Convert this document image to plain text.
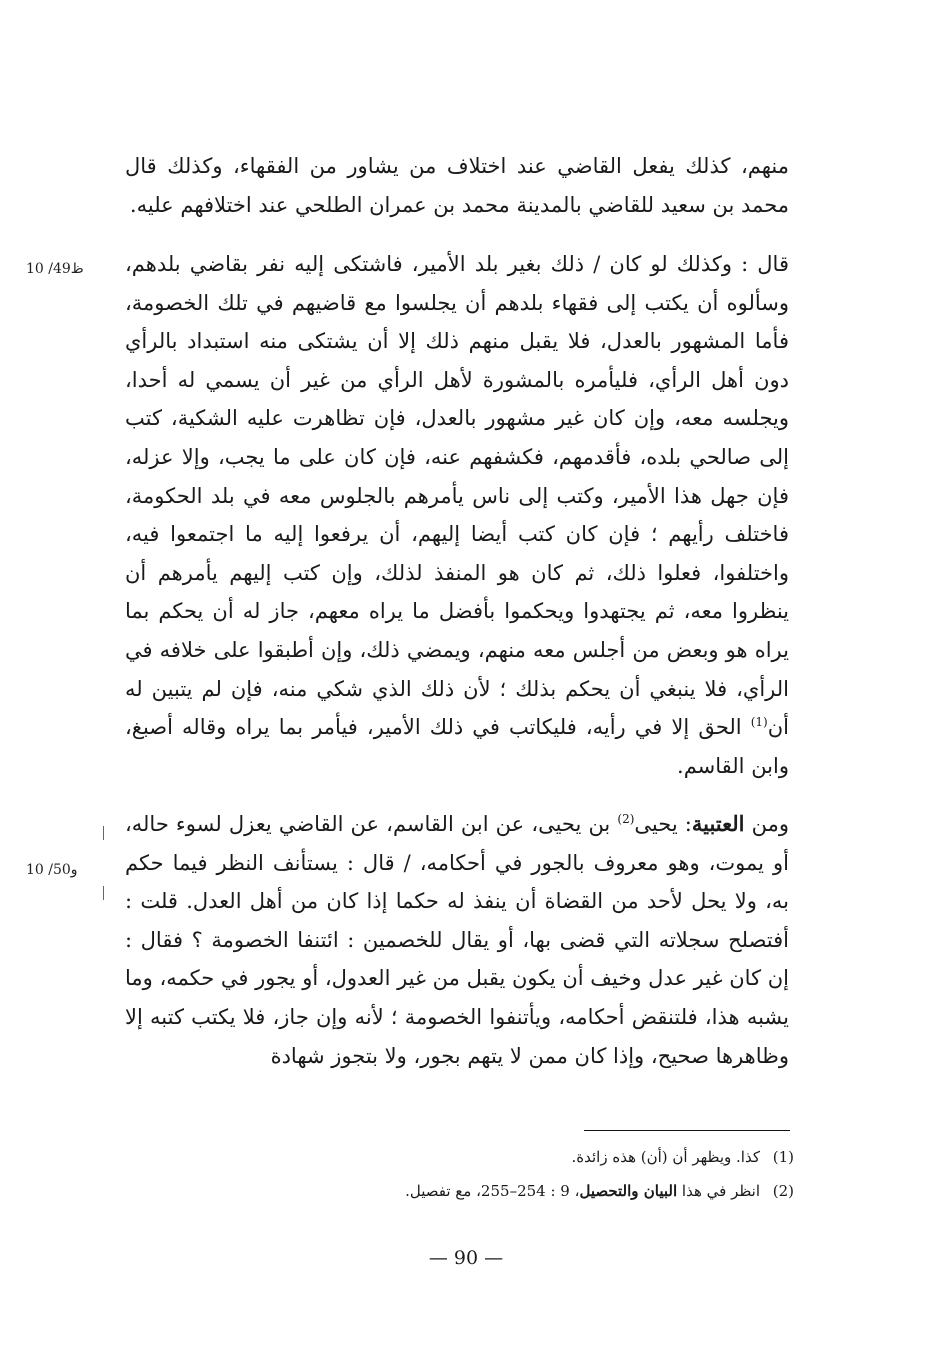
منهم، كذلك يفعل القاضي عند اختلاف من يشاور من الفقهاء، وكذلك قال محمد بن سعيد للقاضي بالمدينة محمد بن عمران الطلحي عند اختلافهم عليه.

10 /49ظ قال : وكذلك لو كان / ذلك بغير بلد الأمير، فاشتكى إليه نفر بقاضي بلدهم، وسألوه أن يكتب إلى فقهاء بلدهم أن يجلسوا مع قاضيهم في تلك الخصومة، فأما المشهور بالعدل، فلا يقبل منهم ذلك إلا أن يشتكى منه استبداد بالرأي دون أهل الرأي، فليأمره بالمشورة لأهل الرأي من غير أن يسمي له أحدا، ويجلسه معه، وإن كان غير مشهور بالعدل، فإن تظاهرت عليه الشكية، كتب إلى صالحي بلده، فأقدمهم، فكشفهم عنه، فإن كان على ما يجب، وإلا عزله، فإن جهل هذا الأمير، وكتب إلى ناس يأمرهم بالجلوس معه في بلد الحكومة، فاختلف رأيهم ؛ فإن كان كتب أيضا إليهم، أن يرفعوا إليه ما اجتمعوا فيه، واختلفوا، فعلوا ذلك، ثم كان هو المنفذ لذلك، وإن كتب إليهم يأمرهم أن ينظروا معه، ثم يجتهدوا ويحكموا بأفضل ما يراه معهم، جاز له أن يحكم بما يراه هو وبعض من أجلس معه منهم، ويمضي ذلك، وإن أطبقوا على خلافه في الرأي، فلا ينبغي أن يحكم بذلك ؛ لأن ذلك الذي شكي منه، فإن لم يتبين له أن$^{(1)}$ الحق إلا في رأيه، فليكاتب في ذلك الأمير، فيأمر بما يراه وقاله أصبغ، وابن القاسم.

10 /50و

ومن العتبية: يحيى$^{(2)}$ بن يحيى، عن ابن القاسم، عن القاضي يعزل لسوء حاله، أو يموت، وهو معروف بالجور في أحكامه، / قال : يستأنف النظر فيما حكم به، ولا يحل لأحد من القضاة أن ينفذ له حكما إذا كان من أهل العدل. قلت : أفتصلح سجلاته التي قضى بها، أو يقال للخصمين : ائتنفا الخصومة ؟ فقال : إن كان غير عدل وخيف أن يكون يقبل من غير العدول، أو يجور في حكمه، وما يشبه هذا، فلتنقض أحكامه، ويأتنفوا الخصومة ؛ لأنه وإن جاز، فلا يكتب كتبه إلا وظاهرها صحيح، وإذا كان ممن لا يتهم بجور، ولا بتجوز شهادة

(1)كذا. ويظهر أن (أن) هذه زائدة.
(2)انظر في هذا البيان والتحصيل، 9 : 254–255، مع تفصيل.
— 90 —
